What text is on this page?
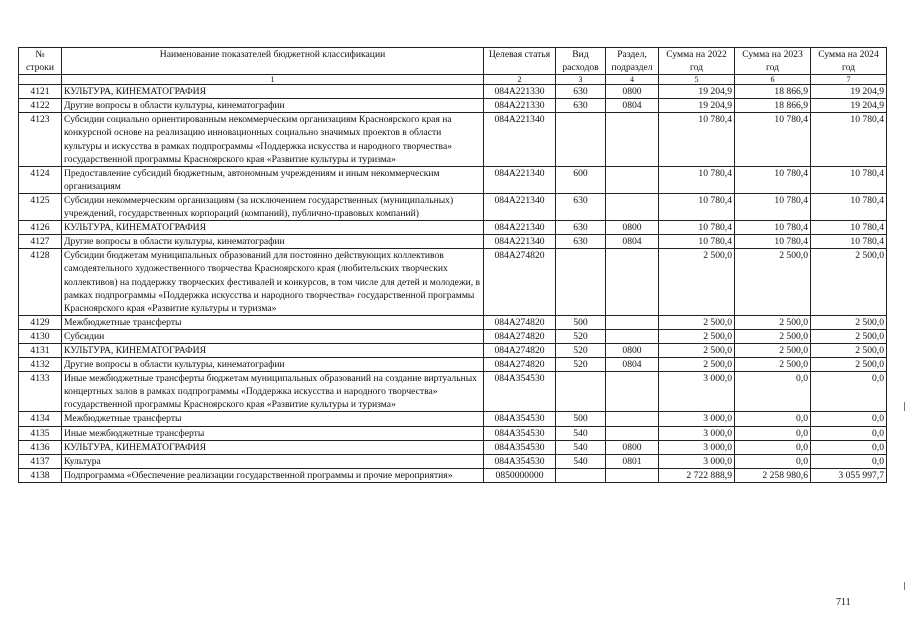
№ строки	Наименование показателей бюджетной классификации	Целевая статья	Вид расходов	Раздел, подраздел	Сумма на 2022 год	Сумма на 2023 год	Сумма на 2024 год
	1	2	3	4	5	6	7
4121	КУЛЬТУРА, КИНЕМАТОГРАФИЯ	084A221330	630	0800	19 204,9	18 866,9	19 204,9
4122	Другие вопросы в области культуры, кинематографии	084A221330	630	0804	19 204,9	18 866,9	19 204,9
4123	Субсидии социально ориентированным некоммерческим организациям Красноярского края на конкурсной основе на реализацию инновационных социально значимых проектов в области культуры и искусства в рамках подпрограммы «Поддержка искусства и народного творчества» государственной программы Красноярского края «Развитие культуры и туризма»	084A221340			10 780,4	10 780,4	10 780,4
4124	Предоставление субсидий бюджетным, автономным учреждениям и иным некоммерческим организациям	084A221340	600		10 780,4	10 780,4	10 780,4
4125	Субсидии некоммерческим организациям (за исключением государственных (муниципальных) учреждений, государственных корпораций (компаний), публично-правовых компаний)	084A221340	630		10 780,4	10 780,4	10 780,4
4126	КУЛЬТУРА, КИНЕМАТОГРАФИЯ	084A221340	630	0800	10 780,4	10 780,4	10 780,4
4127	Другие вопросы в области культуры, кинематографии	084A221340	630	0804	10 780,4	10 780,4	10 780,4
4128	Субсидии бюджетам муниципальных образований для постоянно действующих коллективов самодеятельного художественного творчества Красноярского края (любительских творческих коллективов) на поддержку творческих фестивалей и конкурсов, в том числе для детей и молодежи, в рамках подпрограммы «Поддержка искусства и народного творчества» государственной программы Красноярского края «Развитие культуры и туризма»	084A274820			2 500,0	2 500,0	2 500,0
4129	Межбюджетные трансферты	084A274820	500		2 500,0	2 500,0	2 500,0
4130	Субсидии	084A274820	520		2 500,0	2 500,0	2 500,0
4131	КУЛЬТУРА, КИНЕМАТОГРАФИЯ	084A274820	520	0800	2 500,0	2 500,0	2 500,0
4132	Другие вопросы в области культуры, кинематографии	084A274820	520	0804	2 500,0	2 500,0	2 500,0
4133	Иные межбюджетные трансферты бюджетам муниципальных образований на создание виртуальных концертных залов в рамках подпрограммы «Поддержка искусства и народного творчества» государственной программы Красноярского края «Развитие культуры и туризма»	084A354530			3 000,0	0,0	0,0
4134	Межбюджетные трансферты	084A354530	500		3 000,0	0,0	0,0
4135	Иные межбюджетные трансферты	084A354530	540		3 000,0	0,0	0,0
4136	КУЛЬТУРА, КИНЕМАТОГРАФИЯ	084A354530	540	0800	3 000,0	0,0	0,0
4137	Культура	084A354530	540	0801	3 000,0	0,0	0,0
4138	Подпрограмма «Обеспечение реализации государственной программы и прочие мероприятия»	0850000000			2 722 888,9	2 258 980,6	3 055 997,7
711
